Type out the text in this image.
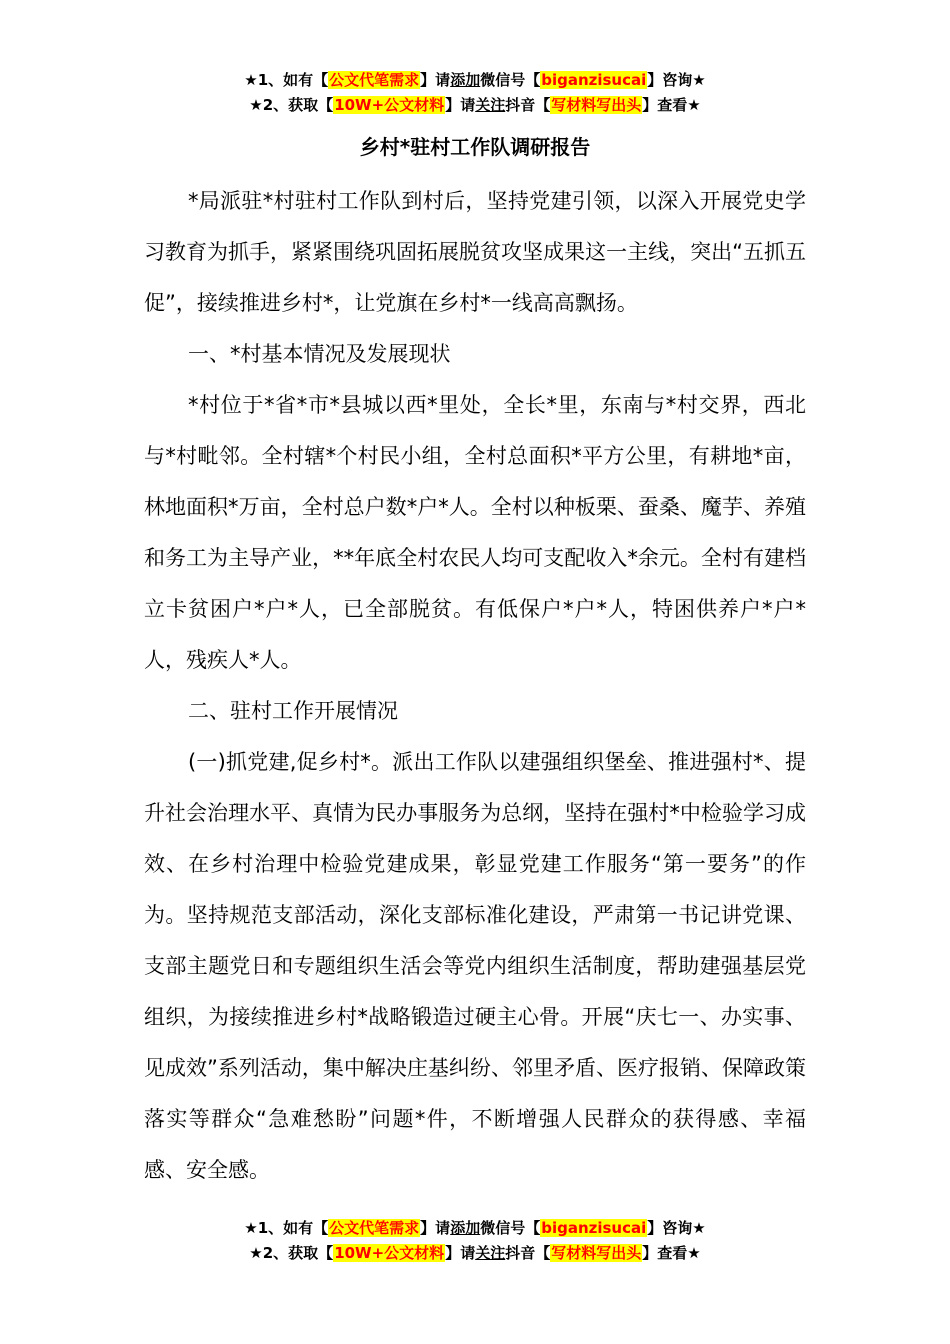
★1、如有【公文代笔需求】请添加微信号【biganzisucai】咨询★
★2、获取【10W+公文材料】请关注抖音【写材料写出头】查看★
乡村*驻村工作队调研报告

*局派驻*村驻村工作队到村后，坚持党建引领，以深入开展党史学习教育为抓手，紧紧围绕巩固拓展脱贫攻坚成果这一主线，突出“五抓五促”，接续推进乡村*，让党旗在乡村*一线高高飘扬。

一、*村基本情况及发展现状

*村位于*省*市*县城以西*里处，全长*里，东南与*村交界，西北与*村毗邻。全村辖*个村民小组，全村总面积*平方公里，有耕地*亩，林地面积*万亩，全村总户数*户*人。全村以种板栗、蚕桑、魔芋、养殖和务工为主导产业，**年底全村农民人均可支配收入*余元。全村有建档立卡贫困户*户*人，已全部脱贫。有低保户*户*人，特困供养户*户*人，残疾人*人。

二、驻村工作开展情况

(一)抓党建,促乡村*。派出工作队以建强组织堡垒、推进强村*、提升社会治理水平、真情为民办事服务为总纲，坚持在强村*中检验学习成效、在乡村治理中检验党建成果，彰显党建工作服务“第一要务”的作为。坚持规范支部活动，深化支部标准化建设，严肃第一书记讲党课、支部主题党日和专题组织生活会等党内组织生活制度，帮助建强基层党组织，为接续推进乡村*战略锻造过硬主心骨。开展“庆七一、办实事、见成效”系列活动，集中解决庄基纠纷、邻里矛盾、医疗报销、保障政策落实等群众“急难愁盼”问题*件，不断增强人民群众的获得感、幸福感、安全感。

★1、如有【公文代笔需求】请添加微信号【biganzisucai】咨询★
★2、获取【10W+公文材料】请关注抖音【写材料写出头】查看★
